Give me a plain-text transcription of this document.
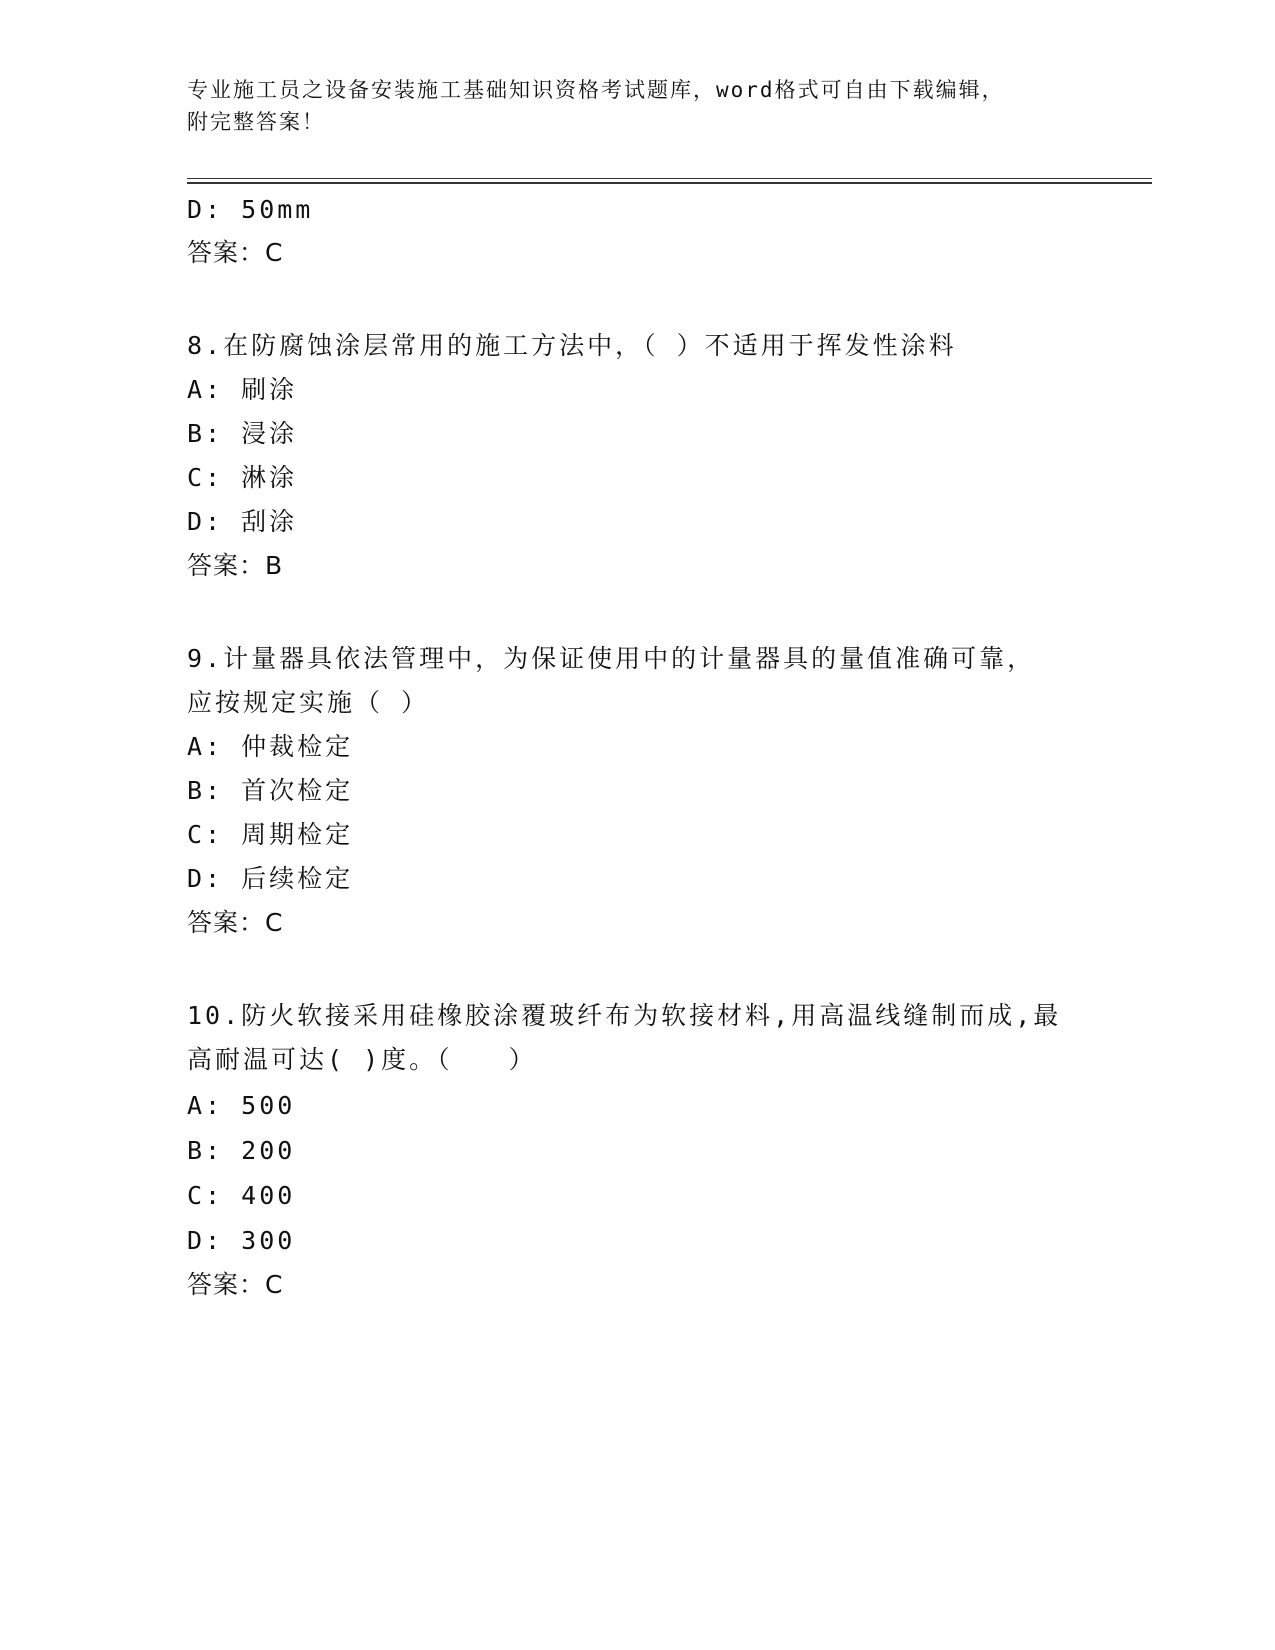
专业施工员之设备安装施工基础知识资格考试题库，word格式可自由下载编辑，
附完整答案！
D: 50mm
答案：C
8.在防腐蚀涂层常用的施工方法中，（ ）不适用于挥发性涂料
A: 刷涂
B: 浸涂
C: 淋涂
D: 刮涂
答案：B
9.计量器具依法管理中，为保证使用中的计量器具的量值准确可靠，
应按规定实施（ ）
A: 仲裁检定
B: 首次检定
C: 周期检定
D: 后续检定
答案：C
10.防火软接采用硅橡胶涂覆玻纤布为软接材料,用高温线缝制而成,最
高耐温可达( )度。（　　）
A: 500
B: 200
C: 400
D: 300
答案：C
